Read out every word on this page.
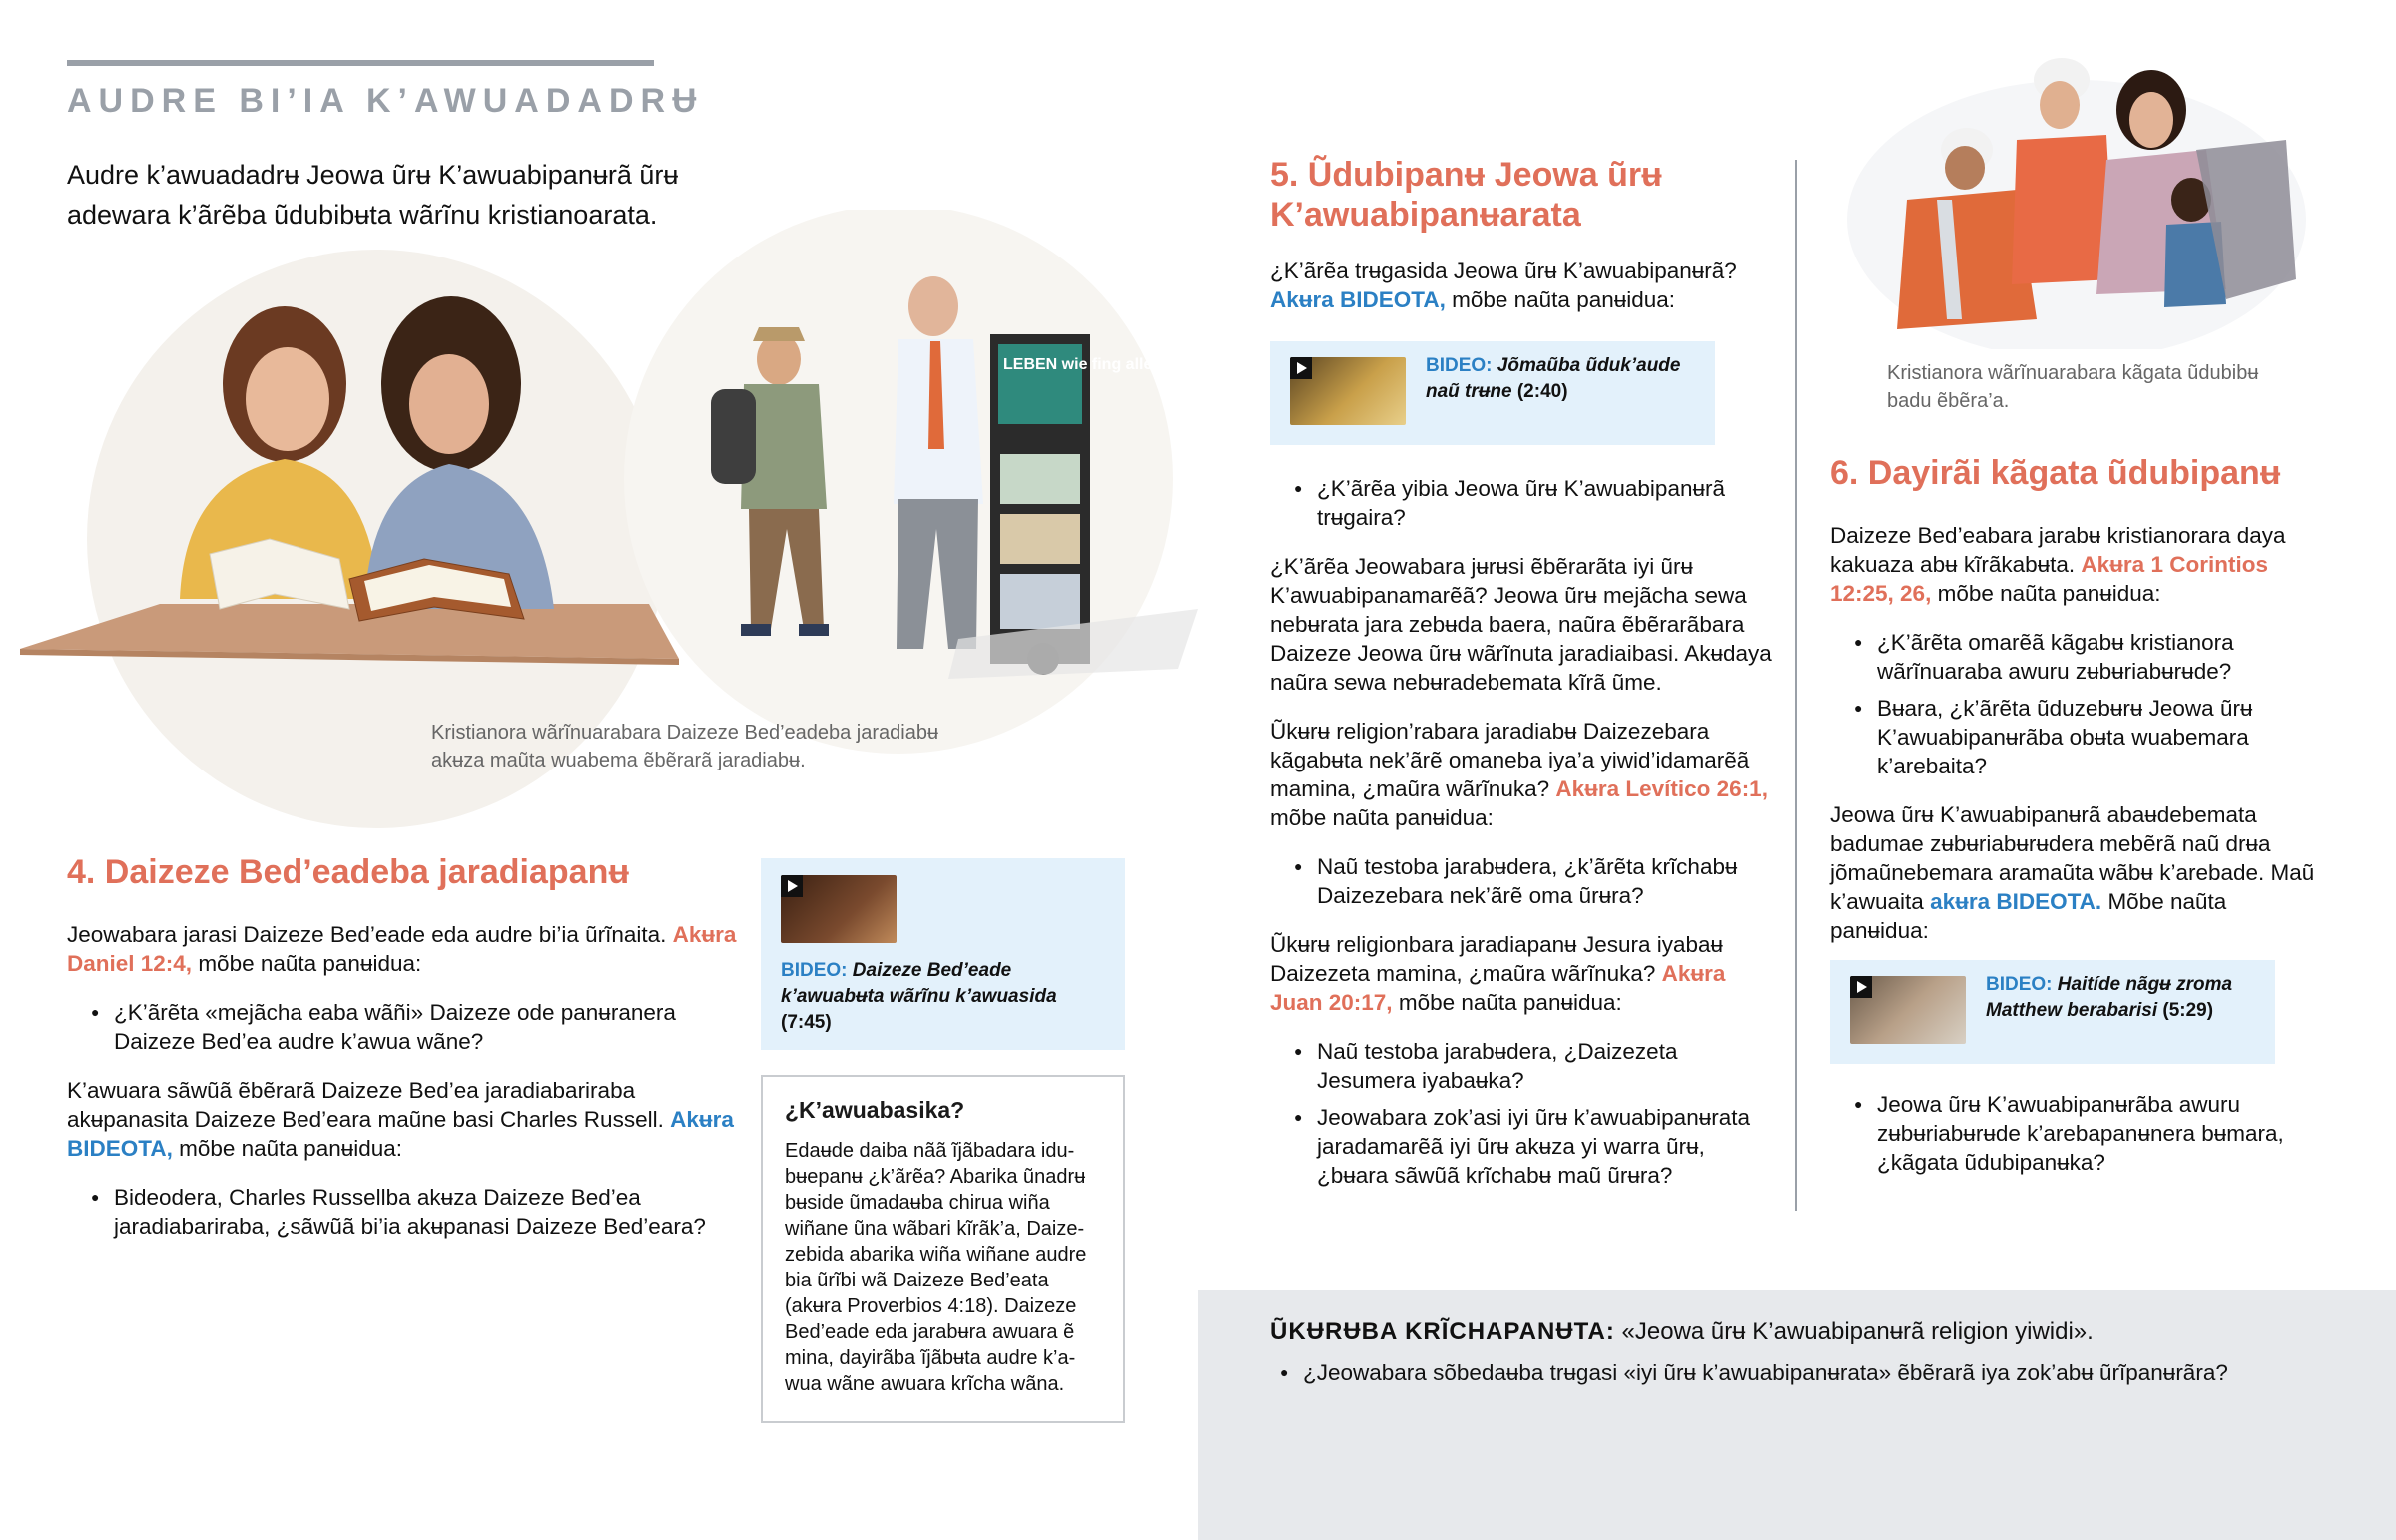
AUDRE BI’IA K’AWUADADRɄ
Audre k’awuadadrʉ Jeowa ũrʉ K’awuabipanʉrã ũrʉ adewara k’ãrẽba ũdubibʉta wãrĩnu kristianoarata.
LEBEN wie fing alles an?
Kristianora wãrĩnuarabara Daizeze Bed’eadeba jaradiabʉ akʉza maũta wuabema ẽbẽrarã jaradiabʉ.
4. Daizeze Bed’eadeba jaradiapanʉ

Jeowabara jarasi Daizeze Bed’eade eda audre bi’ia ũrĩnaita. Akʉra Daniel 12:4, mõbe naũta panʉidua:

● ¿K’ãrẽta «mejãcha eaba wãñi» Daizeze ode panʉranera Daizeze Bed’ea audre k’awua wãne?

K’awuara sãwũã ẽbẽrarã Daizeze Bed’ea jaradiabariraba akʉpanasita Daizeze Bed’eara maũne basi Charles Russell. Akʉra BIDEOTA, mõbe naũta panʉidua:

● Bideodera, Charles Russellba akʉza Daizeze Bed’ea jaradiabariraba, ¿sãwũã bi’ia akʉpanasi Daizeze Bed’eara?
BIDEO: Daizeze Bed’eade k’awuabʉta wãrĩnu k’awuasida (7:45)
¿K’awuabasika?
Edaʉde daiba nãã ĩjãbadara idubʉepanʉ ¿k’ãrẽa? Abarika ũnadrʉ bʉside ũmadaʉba chirua wiña wiñane ũna wãbari kĩrãk’a, Daizezebida abarika wiña wiñane audre bia ũrĩbi wã Daizeze Bed’eata (akʉra Proverbios 4:18). Daizeze Bed’eade eda jarabʉra awuara ẽ mina, dayirãba ĩjãbʉta audre k’awua wãne awuara krĩcha wãna.
5. Ũdubipanʉ Jeowa ũrʉ K’awuabipanʉarata

¿K’ãrẽa trʉgasida Jeowa ũrʉ K’awuabipanʉrã? Akʉra BIDEOTA, mõbe naũta panʉidua:

BIDEO: Jõmaũba ũduk’aude naũ trʉne (2:40)
● ¿K’ãrẽa yibia Jeowa ũrʉ K’awuabipanʉrã trʉgaira?

¿K’ãrẽa Jeowabara jʉrʉsi ẽbẽrarãta iyi ũrʉ K’awuabipanamarẽã? Jeowa ũrʉ mejãcha sewa nebʉrata jara zebʉda baera, naũra ẽbẽrarãbara Daizeze Jeowa ũrʉ wãrĩnuta jaradiaibasi. Akʉdaya naũra sewa nebʉradebemata kĩrã ũme.

Ũkʉrʉ religion’rabara jaradiabʉ Daizezebara kãgabʉta nek’ãrẽ omaneba iya’a yiwid’idamarẽã mamina, ¿maũra wãrĩnuka? Akʉra Levítico 26:1, mõbe naũta panʉidua:

● Naũ testoba jarabʉdera, ¿k’ãrẽta krĩchabʉ Daizezebara nek’ãrẽ oma ũrʉra?

Ũkʉrʉ religionbara jaradiapanʉ Jesura iyabaʉ Daizezeta mamina, ¿maũra wãrĩnuka? Akʉra Juan 20:17, mõbe naũta panʉidua:

● Naũ testoba jarabʉdera, ¿Daizezeta Jesumera iyabaʉka?
● Jeowabara zok’asi iyi ũrʉ k’awuabipanʉrata jaradamarẽã iyi ũrʉ akʉza yi warra ũrʉ, ¿bʉara sãwũã krĩchabʉ maũ ũrʉra?
Kristianora wãrĩnuarabara kãgata ũdubibʉ badu ẽbẽra’a.
6. Dayirãi kãgata ũdubipanʉ

Daizeze Bed’eabara jarabʉ kristianorara daya kakuaza abʉ kĩrãkabʉta. Akʉra 1 Corintios 12:25, 26, mõbe naũta panʉidua:

● ¿K’ãrẽta omarẽã kãgabʉ kristianora wãrĩnuaraba awuru zʉbʉriabʉrʉde?
● Bʉara, ¿k’ãrẽta ũduzebʉrʉ Jeowa ũrʉ K’awuabipanʉrãba obʉta wuabemara k’arebaita?

Jeowa ũrʉ K’awuabipanʉrã abaʉdebemata badumae zʉbʉriabʉrʉdera mebẽrã naũ drʉa jõmaũnebemara aramaũta wãbʉ k’arebade. Maũ k’awuaita akʉra BIDEOTA. Mõbe naũta panʉidua:

BIDEO: Haitíde nãgʉ zroma Matthew berabarisi (5:29)
● Jeowa ũrʉ K’awuabipanʉrãba awuru zʉbʉriabʉrʉde k’arebapanʉnera bʉmara, ¿kãgata ũdubipanʉka?

ŨKɄRɄBA KRĨCHAPANɄTA: «Jeowa ũrʉ K’awuabipanʉrã religion yiwidi».

● ¿Jeowabara sõbedaʉba trʉgasi «iyi ũrʉ k’awuabipanʉrata» ẽbẽrarã iya zok’abʉ ũrĩpanʉrãra?
